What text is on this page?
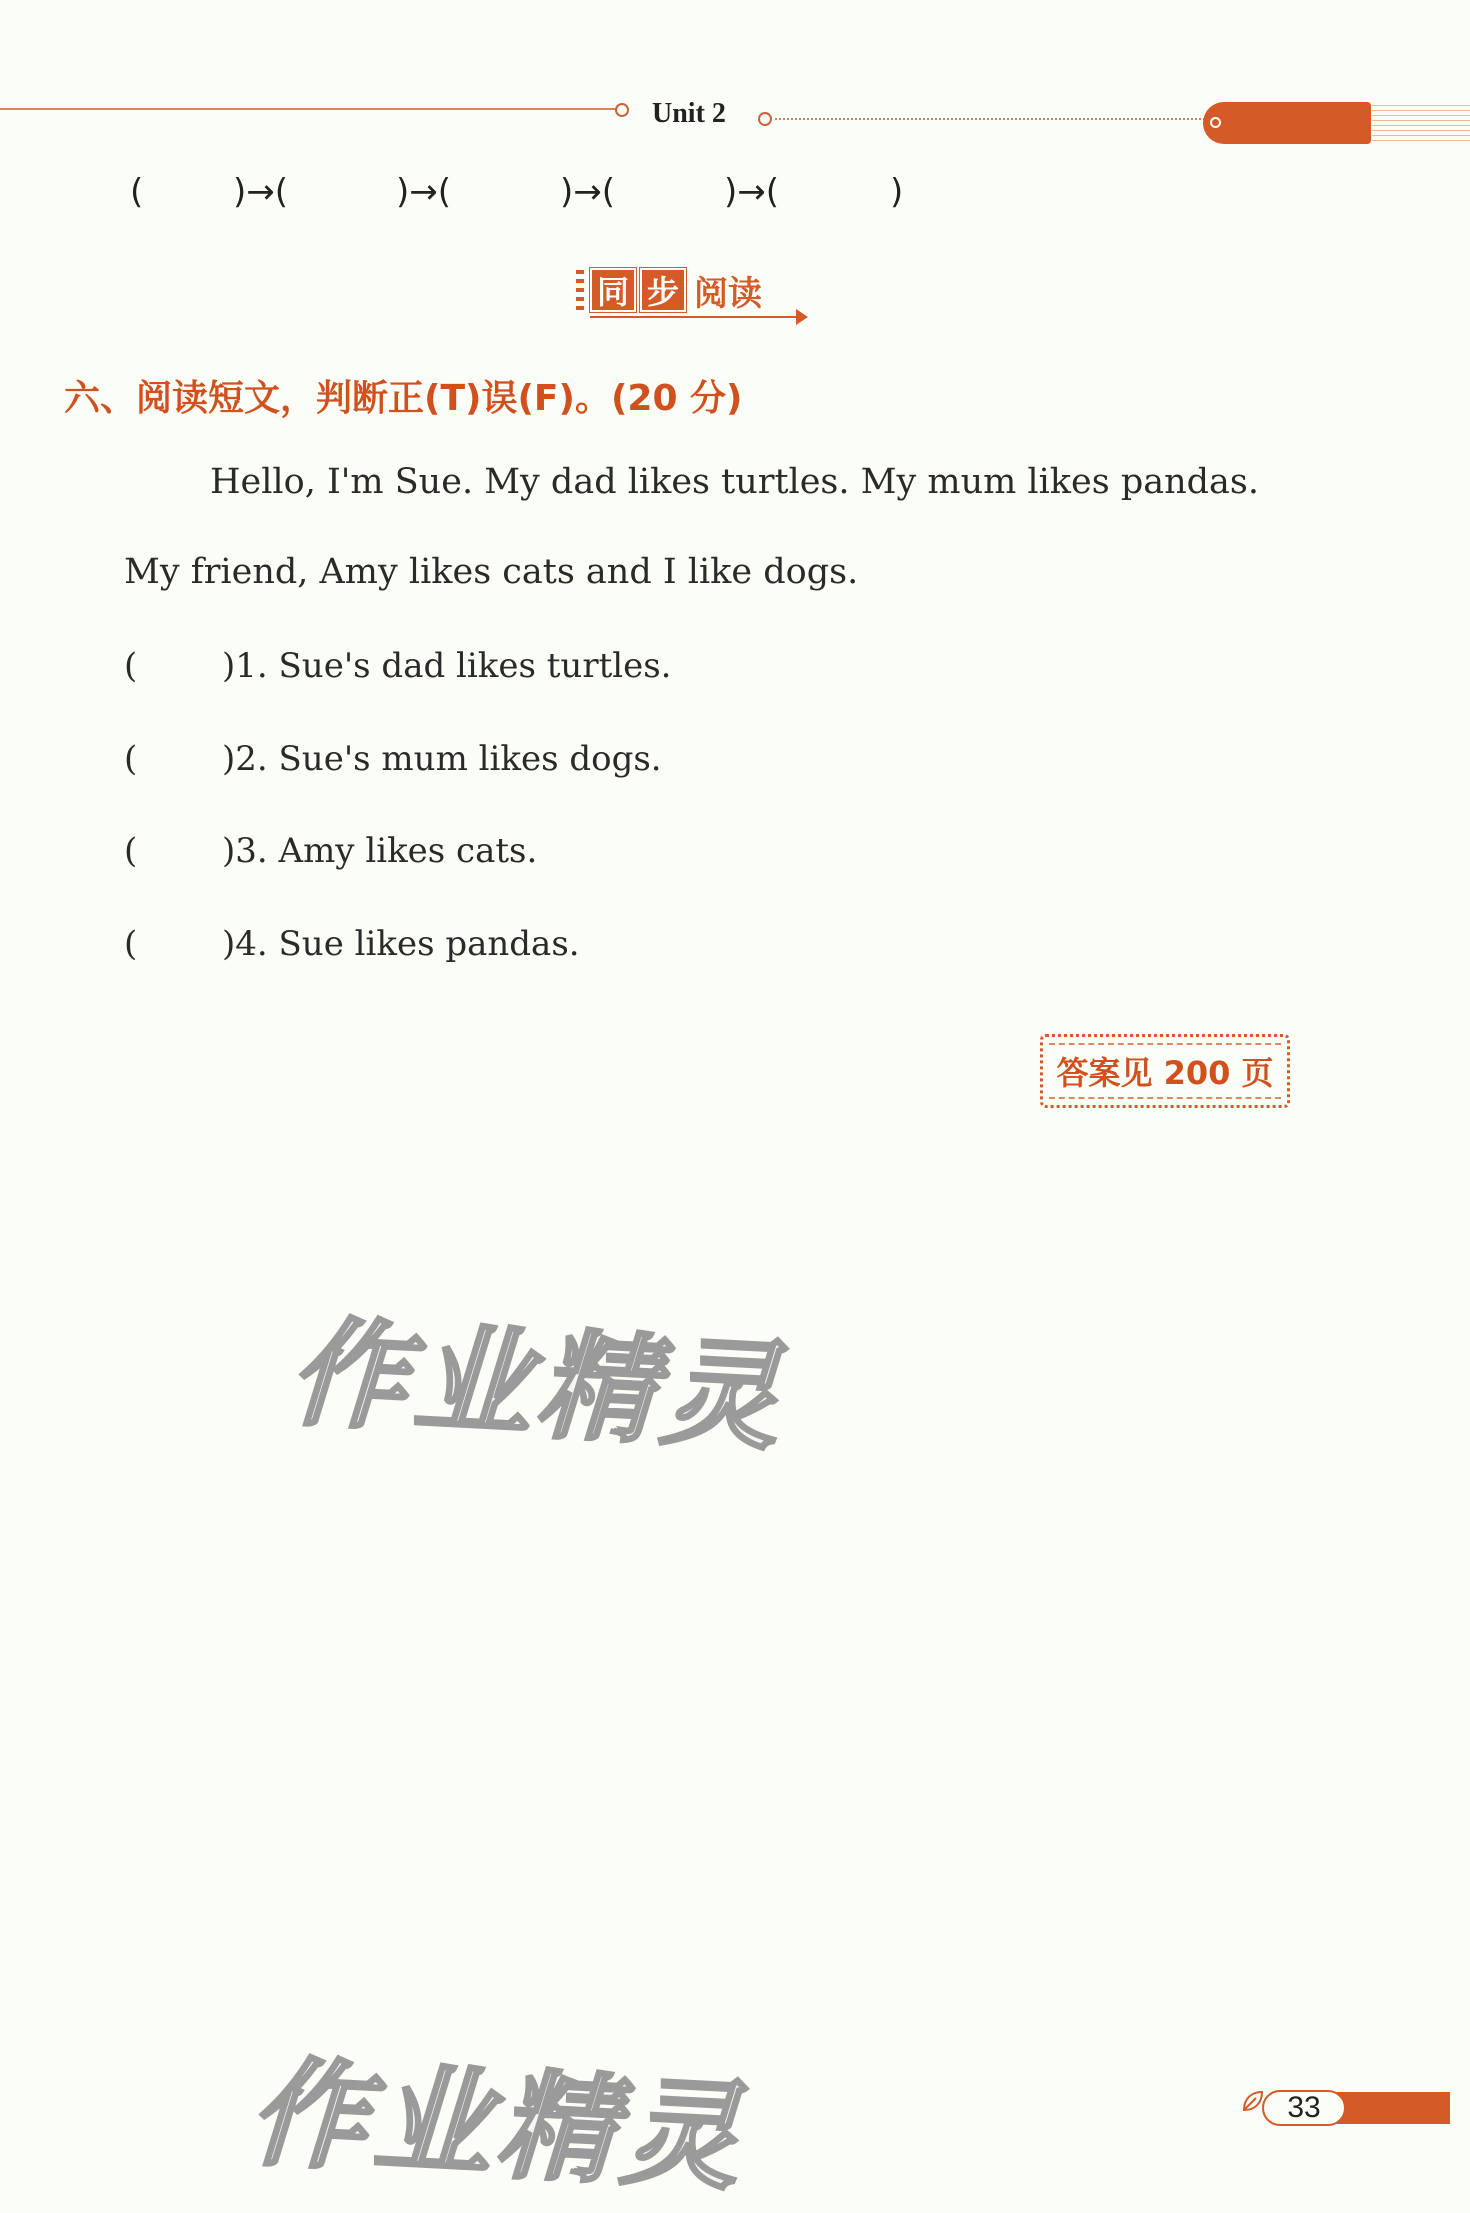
Unit 2
(	)→(	)→(	)→(	)→(	)
同 步 阅读
六、阅读短文，判断正(T)误(F)。(20 分)
Hello, I'm Sue. My dad likes turtles. My mum likes pandas.
My friend, Amy likes cats and I like dogs.
( )1. Sue's dad likes turtles.
( )2. Sue's mum likes dogs.
( )3. Amy likes cats.
( )4. Sue likes pandas.
答案见 200 页
作业精灵
作业精灵	33
